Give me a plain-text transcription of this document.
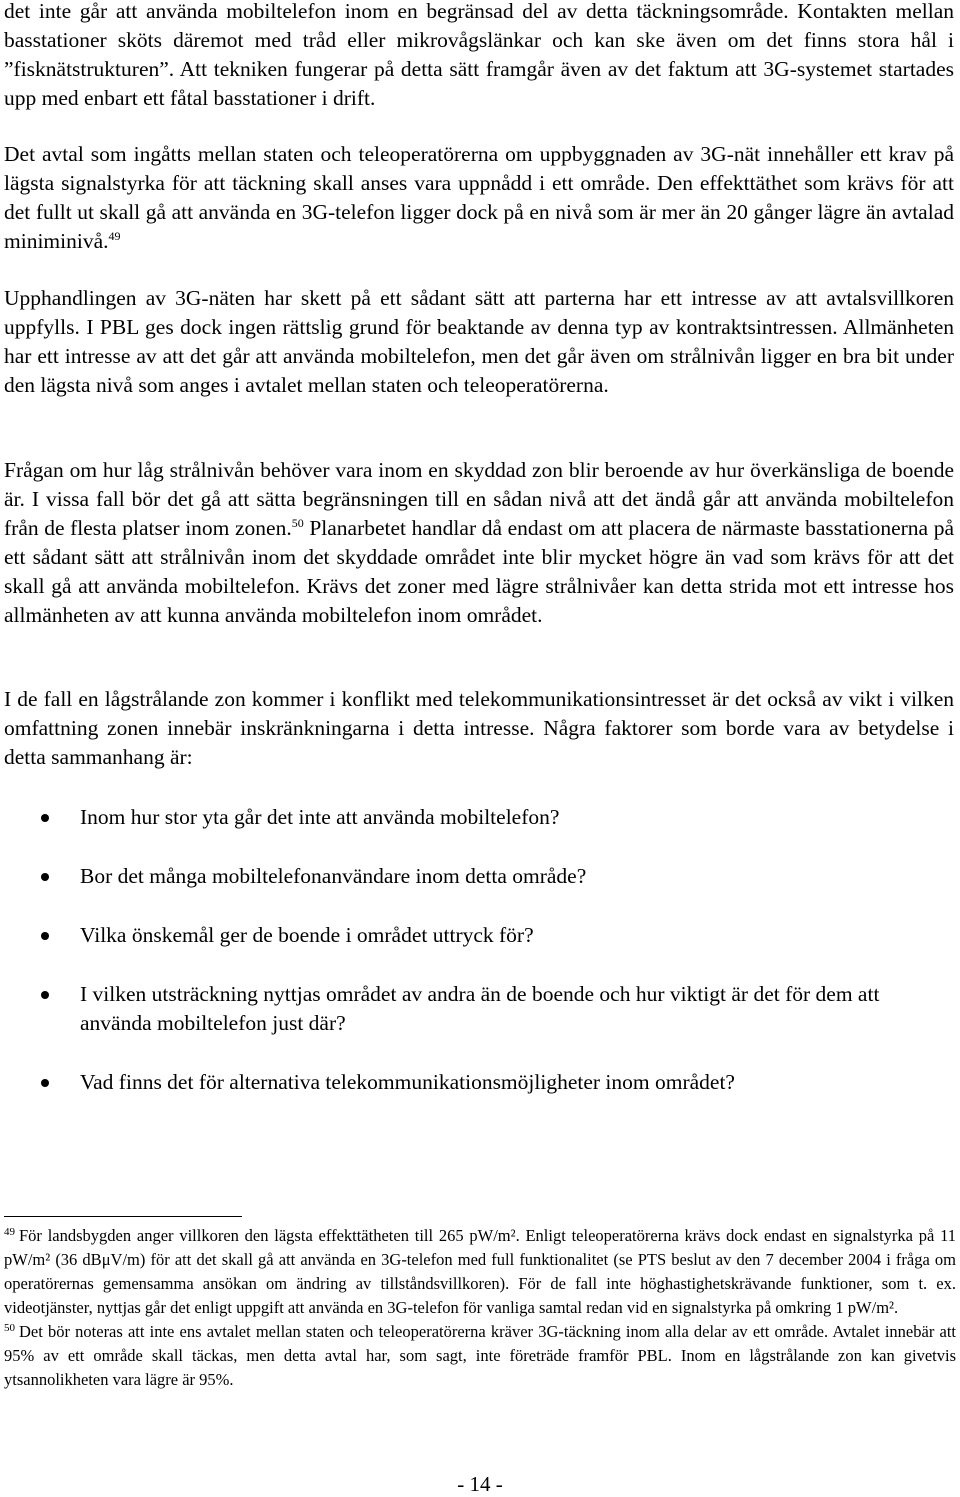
det inte går att använda mobiltelefon inom en begränsad del av detta täckningsområde. Kontakten mellan basstationer sköts däremot med tråd eller mikrovågslänkar och kan ske även om det finns stora hål i ”fisknätstrukturen”. Att tekniken fungerar på detta sätt framgår även av det faktum att 3G-systemet startades upp med enbart ett fåtal basstationer i drift.

Det avtal som ingåtts mellan staten och teleoperatörerna om uppbyggnaden av 3G-nät innehåller ett krav på lägsta signalstyrka för att täckning skall anses vara uppnådd i ett område. Den effekttäthet som krävs för att det fullt ut skall gå att använda en 3G-telefon ligger dock på en nivå som är mer än 20 gånger lägre än avtalad miniminivå.$^{49}$

Upphandlingen av 3G-näten har skett på ett sådant sätt att parterna har ett intresse av att avtalsvillkoren uppfylls. I PBL ges dock ingen rättslig grund för beaktande av denna typ av kontraktsintressen. Allmänheten har ett intresse av att det går att använda mobiltelefon, men det går även om strålnivån ligger en bra bit under den lägsta nivå som anges i avtalet mellan staten och teleoperatörerna.

Frågan om hur låg strålnivån behöver vara inom en skyddad zon blir beroende av hur överkänsliga de boende är. I vissa fall bör det gå att sätta begränsningen till en sådan nivå att det ändå går att använda mobiltelefon från de flesta platser inom zonen.$^{50}$ Planarbetet handlar då endast om att placera de närmaste basstationerna på ett sådant sätt att strålnivån inom det skyddade området inte blir mycket högre än vad som krävs för att det skall gå att använda mobiltelefon. Krävs det zoner med lägre strålnivåer kan detta strida mot ett intresse hos allmänheten av att kunna använda mobiltelefon inom området.

I de fall en lågstrålande zon kommer i konflikt med telekommunikationsintresset är det också av vikt i vilken omfattning zonen innebär inskränkningarna i detta intresse. Några faktorer som borde vara av betydelse i detta sammanhang är:

Inom hur stor yta går det inte att använda mobiltelefon?
Bor det många mobiltelefonanvändare inom detta område?
Vilka önskemål ger de boende i området uttryck för?
I vilken utsträckning nyttjas området av andra än de boende och hur viktigt är det för dem att använda mobiltelefon just där?
Vad finns det för alternativa telekommunikationsmöjligheter inom området?

$^{49}$ För landsbygden anger villkoren den lägsta effekttätheten till 265 pW/m². Enligt teleoperatörerna krävs dock endast en signalstyrka på 11 pW/m² (36 dBμV/m) för att det skall gå att använda en 3G-telefon med full funktionalitet (se PTS beslut av den 7 december 2004 i fråga om operatörernas gemensamma ansökan om ändring av tillståndsvillkoren). För de fall inte höghastighetskrävande funktioner, som t. ex. videotjänster, nyttjas går det enligt uppgift att använda en 3G-telefon för vanliga samtal redan vid en signalstyrka på omkring 1 pW/m².

$^{50}$ Det bör noteras att inte ens avtalet mellan staten och teleoperatörerna kräver 3G-täckning inom alla delar av ett område. Avtalet innebär att 95% av ett område skall täckas, men detta avtal har, som sagt, inte företräde framför PBL. Inom en lågstrålande zon kan givetvis ytsannolikheten vara lägre är 95%.

- 14 -
